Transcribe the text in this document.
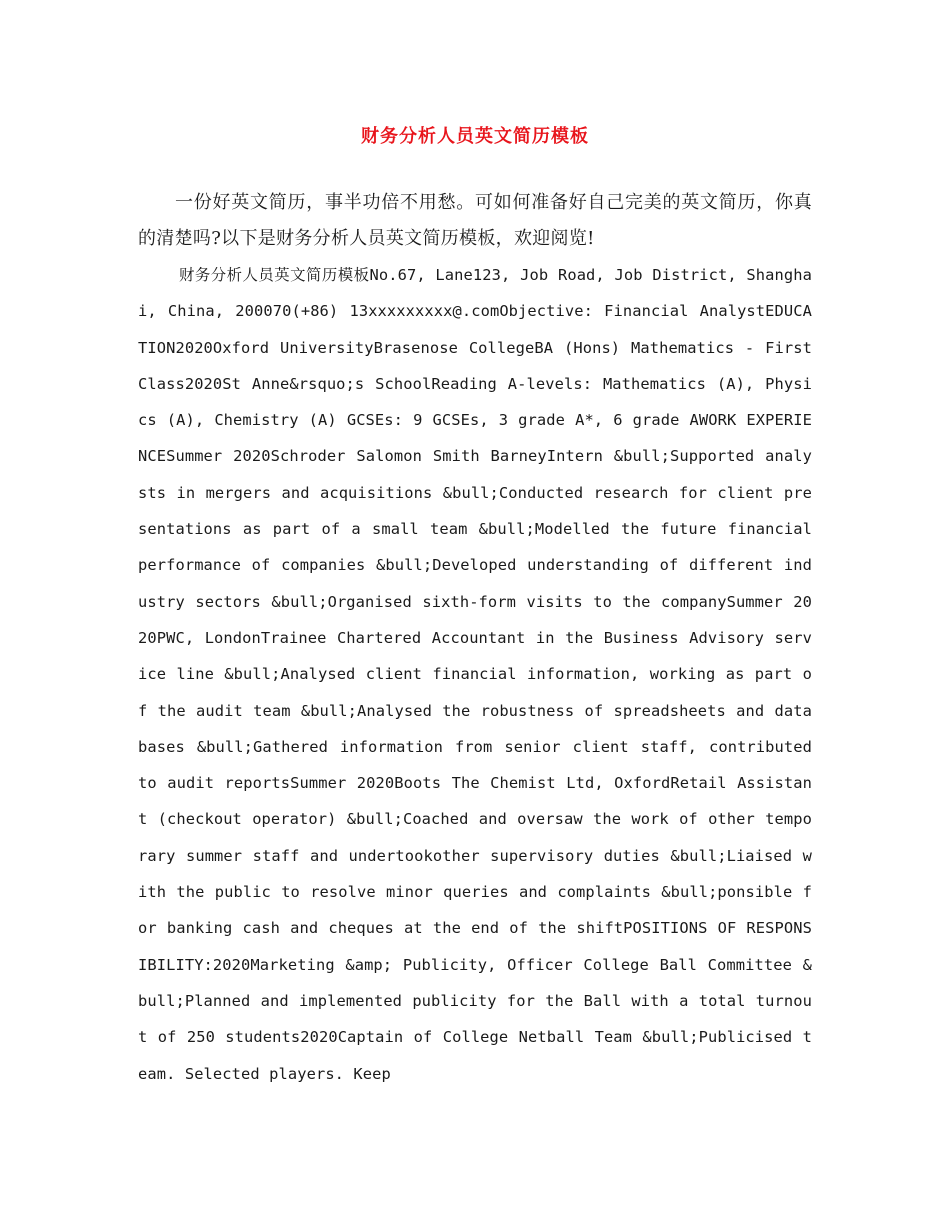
财务分析人员英文简历模板

一份好英文简历，事半功倍不用愁。可如何准备好自己完美的英文简历，你真的清楚吗?以下是财务分析人员英文简历模板，欢迎阅览!

财务分析人员英文简历模板No.67, Lane123, Job Road, Job District, Shanghai, China, 200070(+86) 13xxxxxxxxx@.comObjective: Financial AnalystEDUCATION2020Oxford UniversityBrasenose CollegeBA (Hons) Mathematics - First Class2020St Anne&rsquo;s SchoolReading A-levels: Mathematics (A), Physics (A), Chemistry (A) GCSEs: 9 GCSEs, 3 grade A*, 6 grade AWORK EXPERIENCESummer 2020Schroder Salomon Smith BarneyIntern &bull;Supported analysts in mergers and acquisitions &bull;Conducted research for client presentations as part of a small team &bull;Modelled the future financial performance of companies &bull;Developed understanding of different industry sectors &bull;Organised sixth-form visits to the companySummer 2020PWC, LondonTrainee Chartered Accountant in the Business Advisory service line &bull;Analysed client financial information, working as part of the audit team &bull;Analysed the robustness of spreadsheets and databases &bull;Gathered information from senior client staff, contributed to audit reportsSummer 2020Boots The Chemist Ltd, OxfordRetail Assistant (checkout operator) &bull;Coached and oversaw the work of other temporary summer staff and undertookother supervisory duties &bull;Liaised with the public to resolve minor queries and complaints &bull;ponsible for banking cash and cheques at the end of the shiftPOSITIONS OF RESPONSIBILITY:2020Marketing &amp; Publicity, Officer College Ball Committee &bull;Planned and implemented publicity for the Ball with a total turnout of 250 students2020Captain of College Netball Team &bull;Publicised team. Selected players. Keep
